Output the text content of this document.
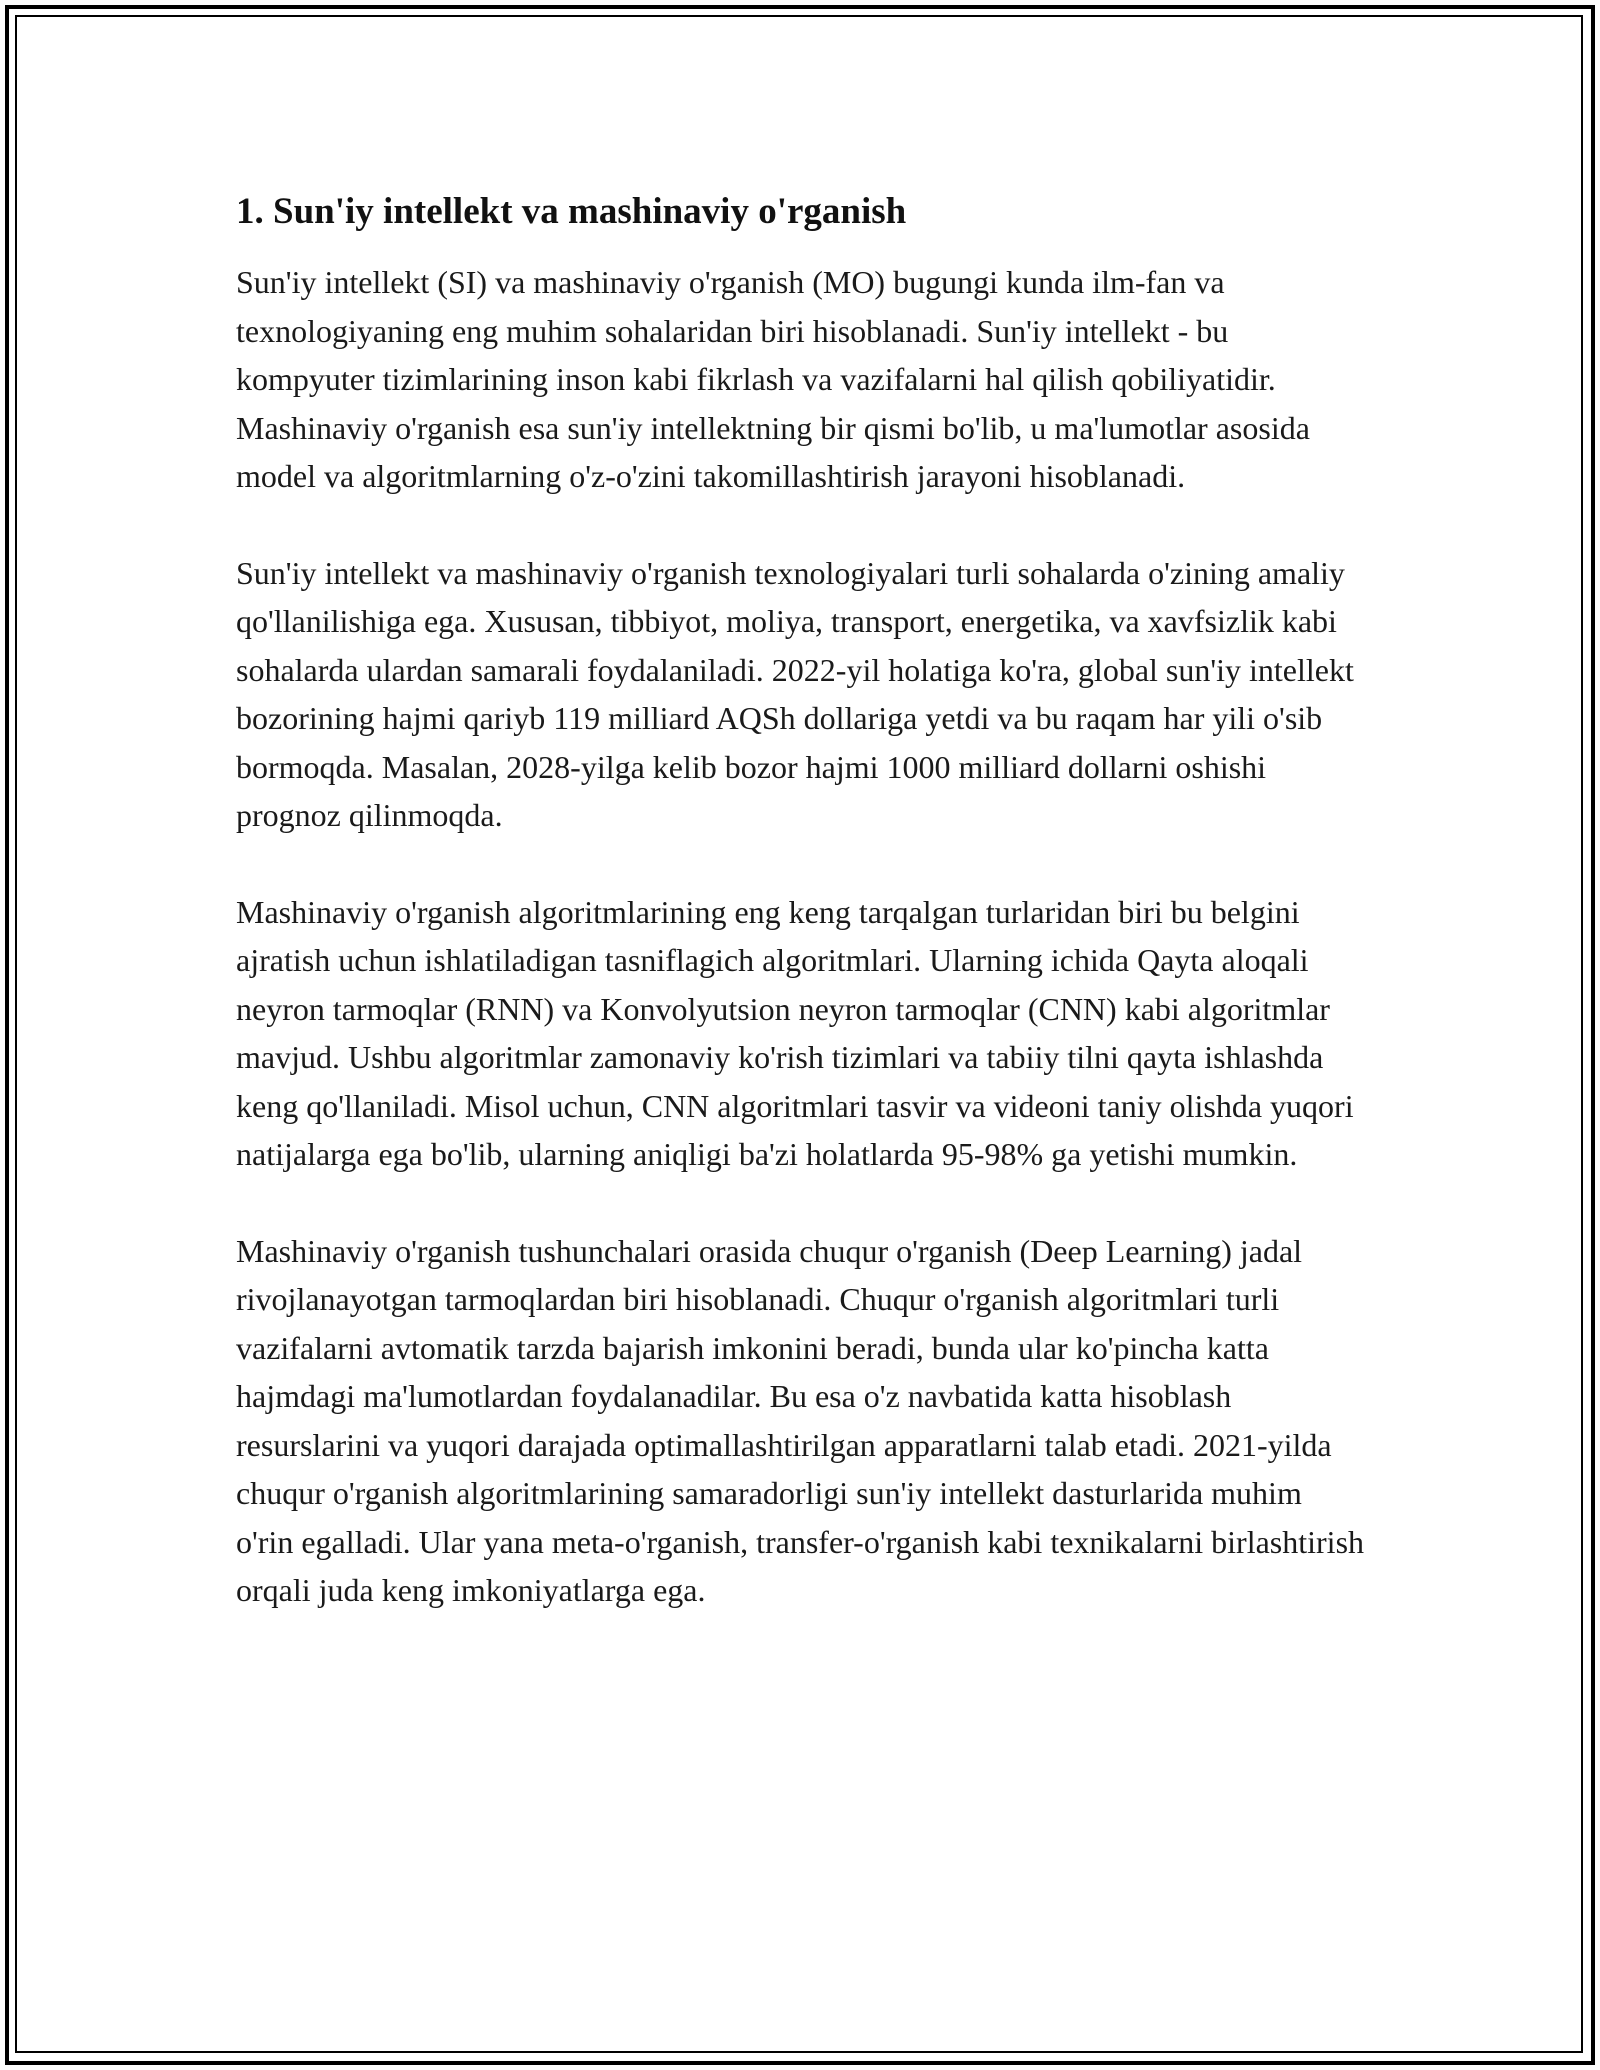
1. Sun'iy intellekt va mashinaviy o'rganish

Sun'iy intellekt (SI) va mashinaviy o'rganish (MO) bugungi kunda ilm-fan va texnologiyaning eng muhim sohalaridan biri hisoblanadi. Sun'iy intellekt - bu kompyuter tizimlarining inson kabi fikrlash va vazifalarni hal qilish qobiliyatidir. Mashinaviy o'rganish esa sun'iy intellektning bir qismi bo'lib, u ma'lumotlar asosida model va algoritmlarning o'z-o'zini takomillashtirish jarayoni hisoblanadi.

Sun'iy intellekt va mashinaviy o'rganish texnologiyalari turli sohalarda o'zining amaliy qo'llanilishiga ega. Xususan, tibbiyot, moliya, transport, energetika, va xavfsizlik kabi sohalarda ulardan samarali foydalaniladi. 2022-yil holatiga ko'ra, global sun'iy intellekt bozorining hajmi qariyb 119 milliard AQSh dollariga yetdi va bu raqam har yili o'sib bormoqda. Masalan, 2028-yilga kelib bozor hajmi 1000 milliard dollarni oshishi prognoz qilinmoqda.

Mashinaviy o'rganish algoritmlarining eng keng tarqalgan turlaridan biri bu belgini ajratish uchun ishlatiladigan tasniflagich algoritmlari. Ularning ichida Qayta aloqali neyron tarmoqlar (RNN) va Konvolyutsion neyron tarmoqlar (CNN) kabi algoritmlar mavjud. Ushbu algoritmlar zamonaviy ko'rish tizimlari va tabiiy tilni qayta ishlashda keng qo'llaniladi. Misol uchun, CNN algoritmlari tasvir va videoni taniy olishda yuqori natijalarga ega bo'lib, ularning aniqligi ba'zi holatlarda 95-98% ga yetishi mumkin.

Mashinaviy o'rganish tushunchalari orasida chuqur o'rganish (Deep Learning) jadal rivojlanayotgan tarmoqlardan biri hisoblanadi. Chuqur o'rganish algoritmlari turli vazifalarni avtomatik tarzda bajarish imkonini beradi, bunda ular ko'pincha katta hajmdagi ma'lumotlardan foydalanadilar. Bu esa o'z navbatida katta hisoblash resurslarini va yuqori darajada optimallashtirilgan apparatlarni talab etadi. 2021-yilda chuqur o'rganish algoritmlarining samaradorligi sun'iy intellekt dasturlarida muhim o'rin egalladi. Ular yana meta-o'rganish, transfer-o'rganish kabi texnikalarni birlashtirish orqali juda keng imkoniyatlarga ega.
